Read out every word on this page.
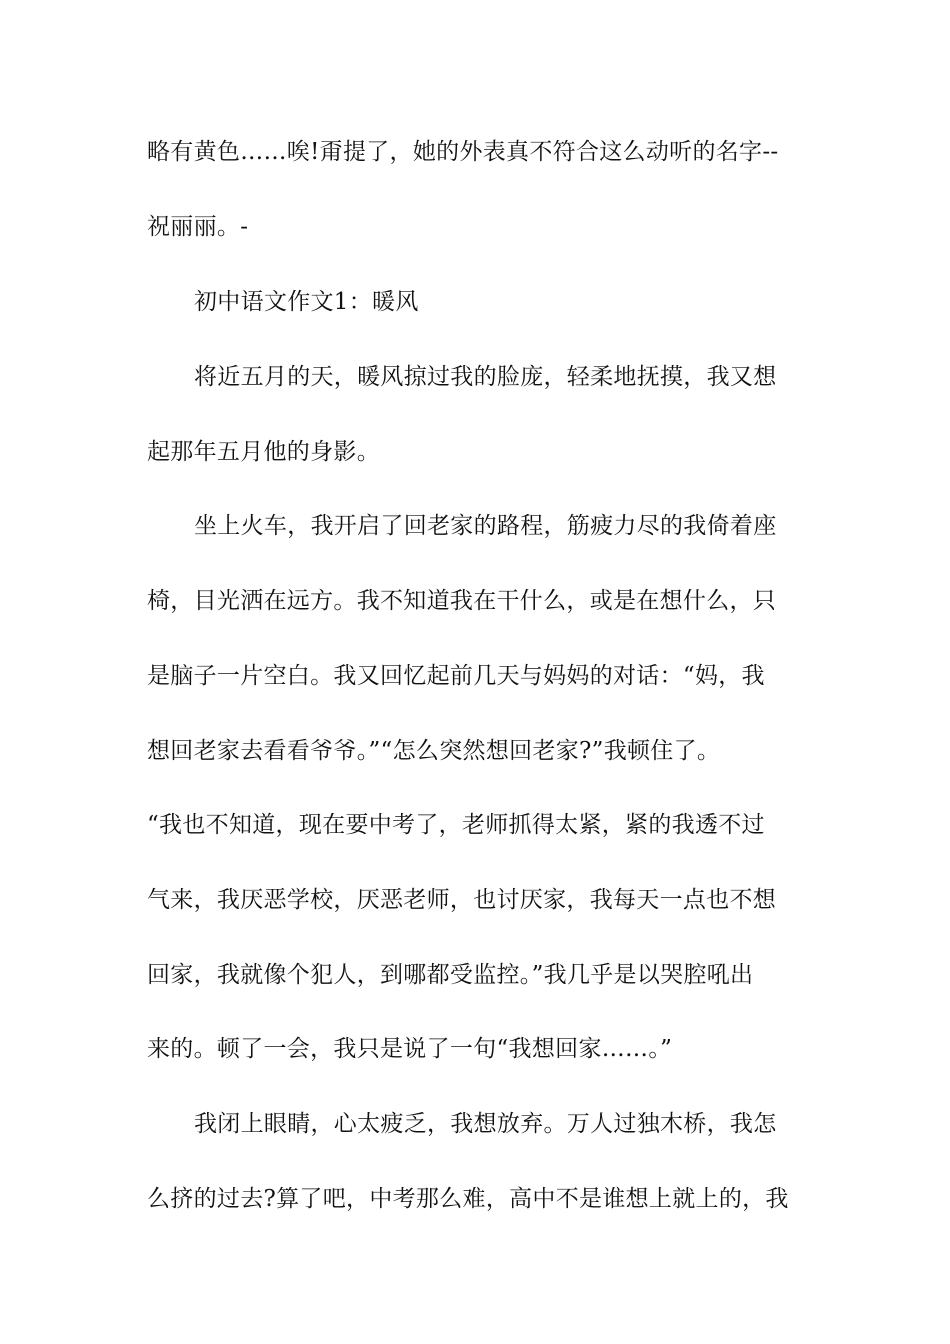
略有黄色……唉!甭提了，她的外表真不符合这么动听的名字--
祝丽丽。-
初中语文作文1：暖风
将近五月的天，暖风掠过我的脸庞，轻柔地抚摸，我又想
起那年五月他的身影。
坐上火车，我开启了回老家的路程，筋疲力尽的我倚着座
椅，目光洒在远方。我不知道我在干什么，或是在想什么，只
是脑子一片空白。我又回忆起前几天与妈妈的对话：“妈，我
想回老家去看看爷爷。”“怎么突然想回老家?”我顿住了。
“我也不知道，现在要中考了，老师抓得太紧，紧的我透不过
气来，我厌恶学校，厌恶老师，也讨厌家，我每天一点也不想
回家，我就像个犯人，到哪都受监控。”我几乎是以哭腔吼出
来的。顿了一会，我只是说了一句“我想回家……。”
我闭上眼睛，心太疲乏，我想放弃。万人过独木桥，我怎
么挤的过去?算了吧，中考那么难，高中不是谁想上就上的，我
